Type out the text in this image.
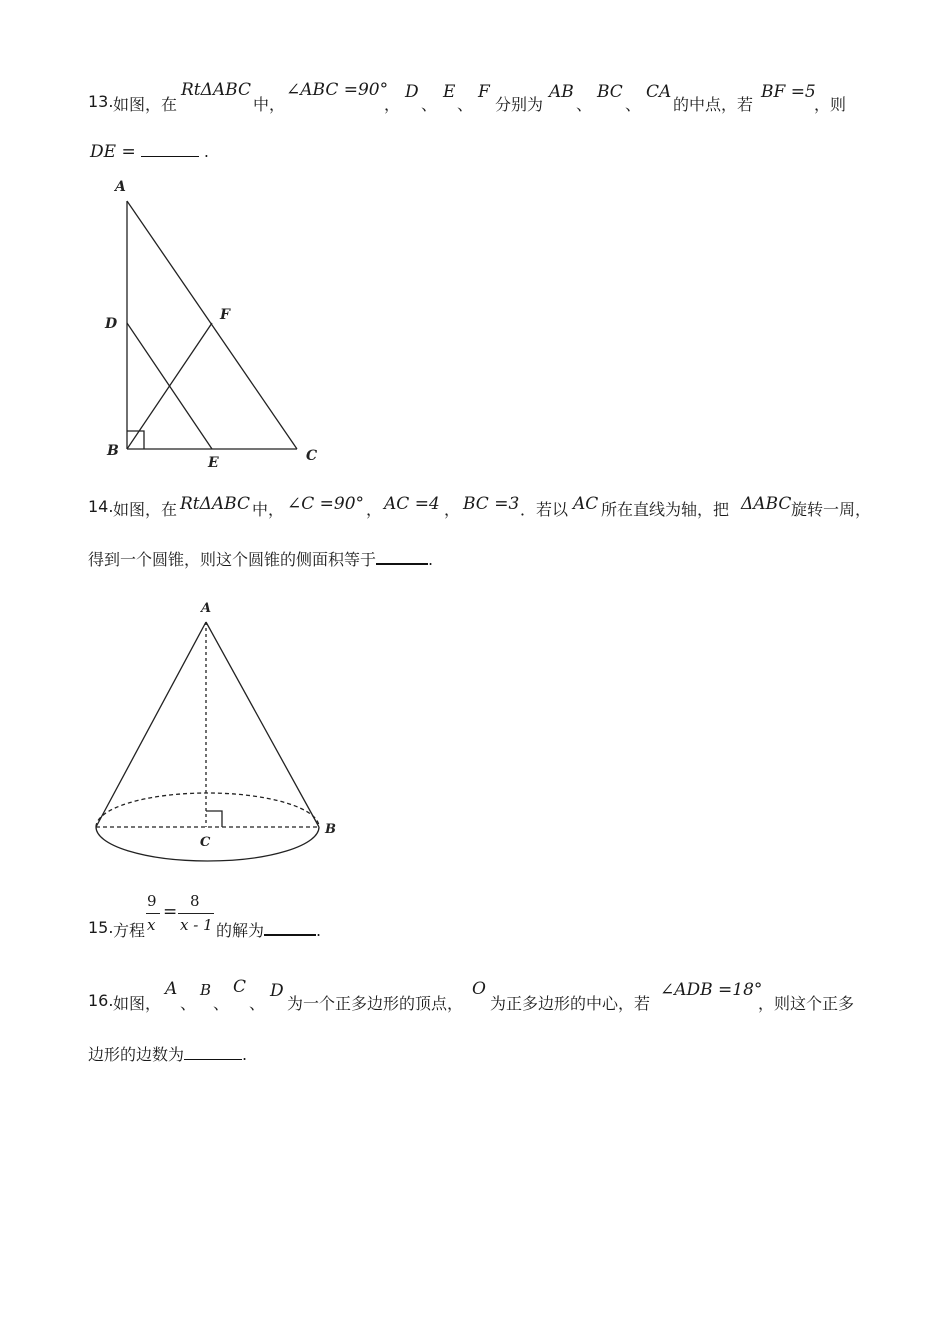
13. 如图，在
RtΔABC
中，
∠ABC =90°
，
D
、
E
、
F
分别为
AB
、
BC
、
CA
的中点，若
BF =5
，则
DE =	.
A
D
F
B
E	C
14. 如图，在 RtΔABC 中， ∠C =90° ， AC =4 ， BC =3 ．若以 AC 所在直线为轴，把 ΔABC 旋转一周，
得到一个圆锥，则这个圆锥的侧面积等于	.
A
C
B
15. 方程
9
x
=
8
x - 1 的解为	.
16. 如图，
A
、
B
、
C
、
D
为一个正多边形的顶点，
O
为正多边形的中心，若
∠ADB =18°
，则这个正多
边形的边数为	.
